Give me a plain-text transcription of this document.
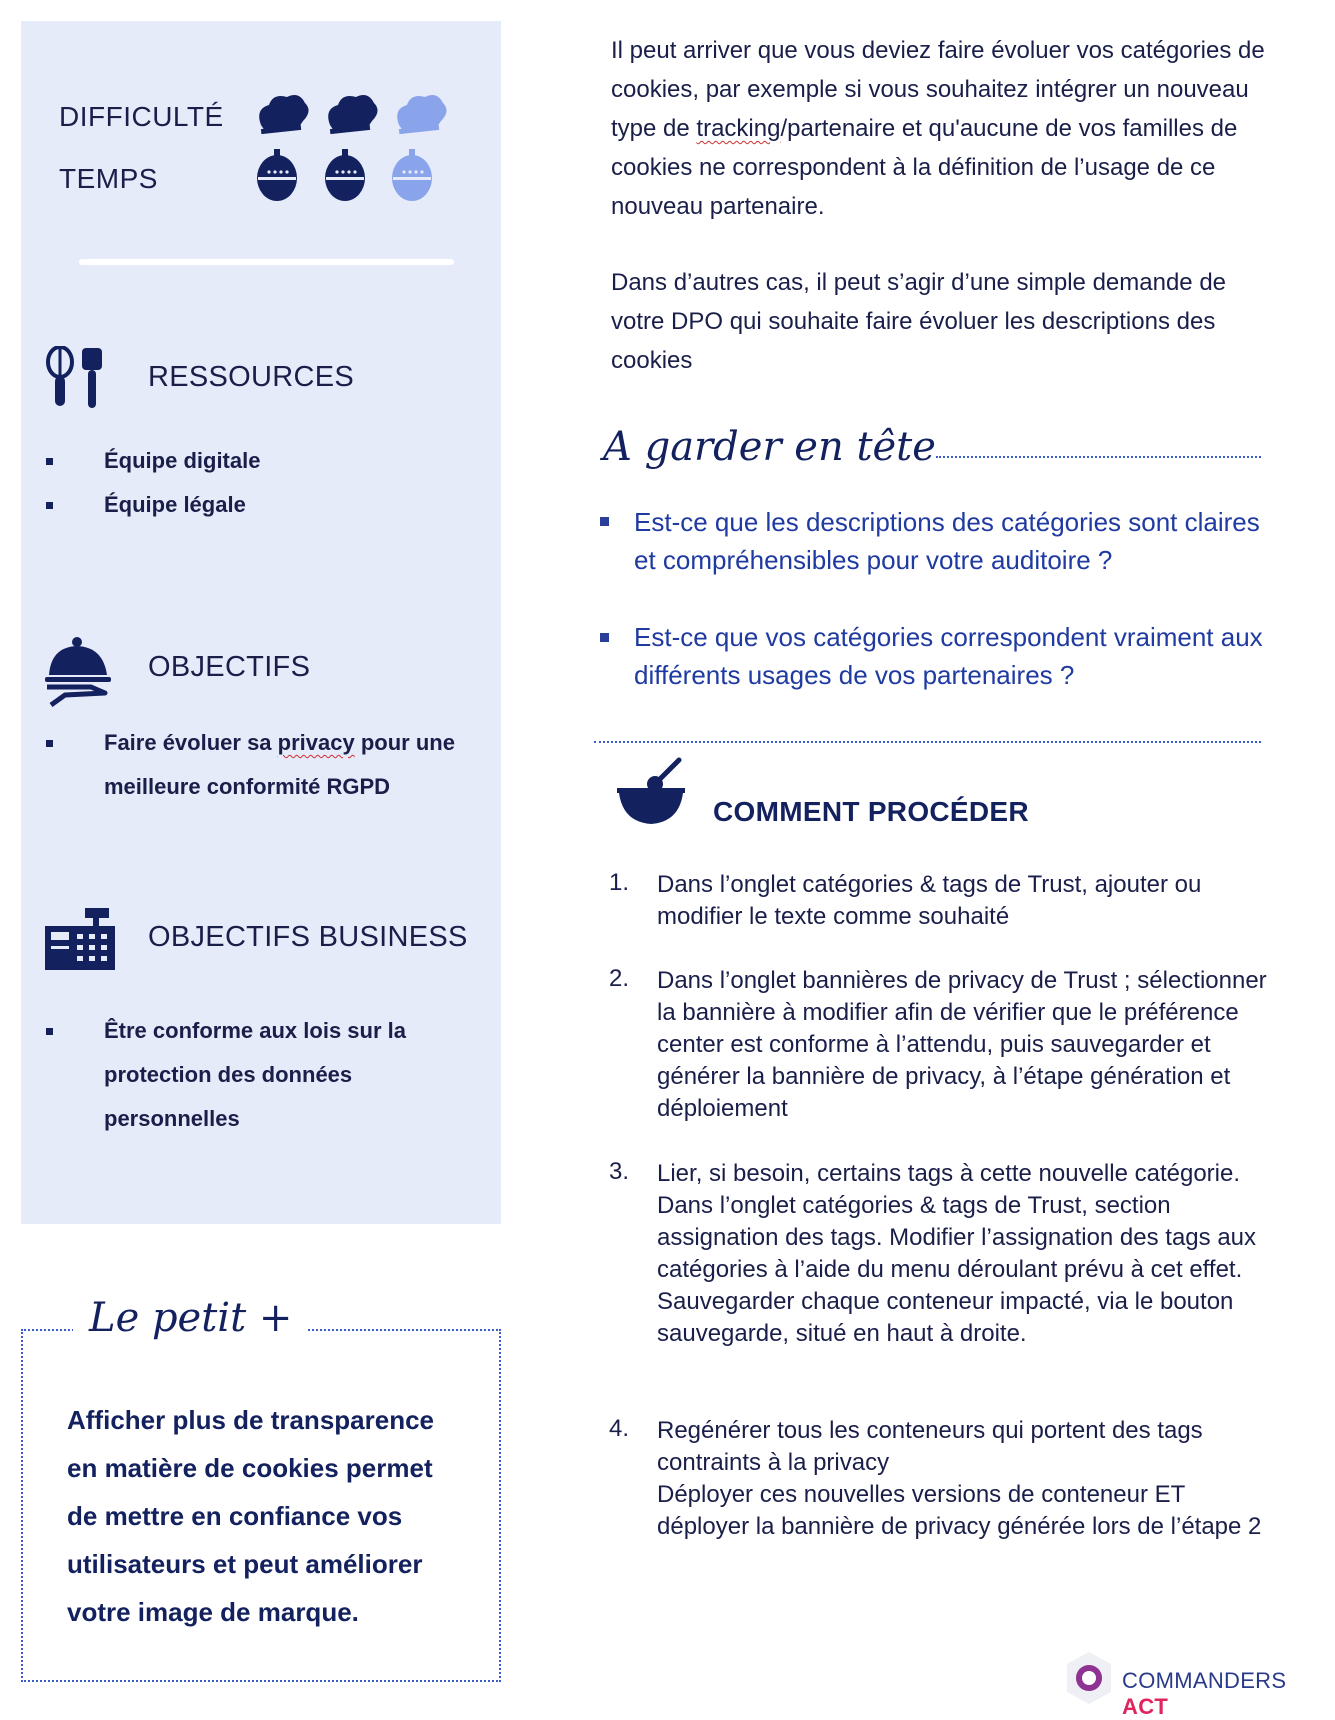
DIFFICULTÉ
TEMPS
RESSOURCES
Équipe digitale
Équipe légale
OBJECTIFS
Faire évoluer sa privacy pour une meilleure conformité RGPD
OBJECTIFS BUSINESS
Être conforme aux lois sur la protection des données personnelles
Le petit +
Afficher plus de transparence en matière de cookies permet de mettre en confiance vos utilisateurs et peut améliorer votre image de marque.
Il peut arriver que vous deviez faire évoluer vos catégories de cookies, par exemple si vous souhaitez intégrer un nouveau type de tracking/partenaire et qu'aucune de vos familles de cookies ne correspondent à la définition de l’usage de ce nouveau partenaire.
Dans d’autres cas, il peut s’agir d’une simple demande de votre DPO qui souhaite faire évoluer les descriptions des cookies
A garder en tête
Est-ce que les descriptions des catégories sont claires et compréhensibles pour votre auditoire ?
Est-ce que vos catégories correspondent vraiment aux différents usages de vos partenaires ?
COMMENT PROCÉDER
1. Dans l’onglet catégories & tags de Trust, ajouter ou modifier le texte comme souhaité
2. Dans l’onglet bannières de privacy de Trust ; sélectionner la bannière à modifier afin de vérifier que le préférence center est conforme à l’attendu, puis sauvegarder et générer la bannière de privacy, à l’étape génération et déploiement
3. Lier, si besoin, certains tags à cette nouvelle catégorie. Dans l’onglet catégories & tags de Trust, section assignation des tags. Modifier l’assignation des tags aux catégories à l’aide du menu déroulant prévu à cet effet. Sauvegarder chaque conteneur impacté, via le bouton sauvegarde, situé en haut à droite.
4. Regénérer tous les conteneurs qui portent des tags contraints à la privacy
Déployer ces nouvelles versions de conteneur ET déployer la bannière de privacy générée lors de l’étape 2
COMMANDERS ACT
